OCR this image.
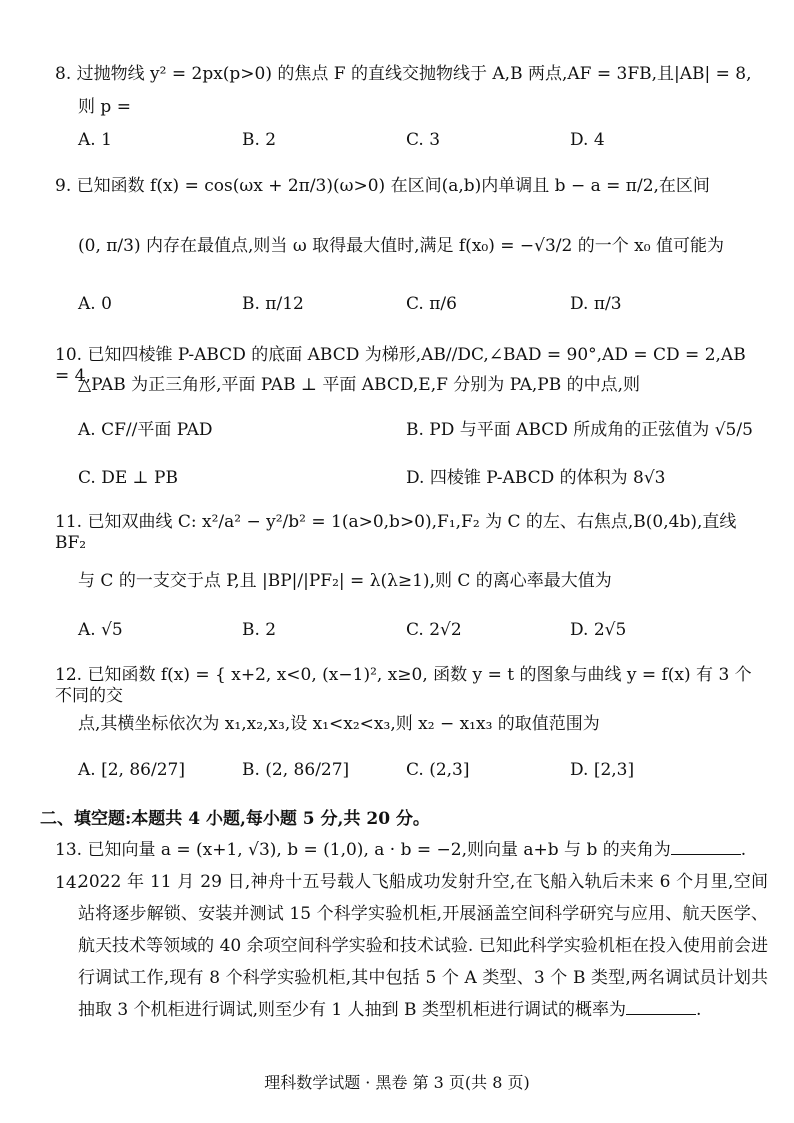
8. 过抛物线 y² = 2px(p>0) 的焦点 F 的直线交抛物线于 A,B 两点,AF = 3FB,且|AB| = 8,
则 p =
A. 1	B. 2	C. 3	D. 4
9. 已知函数 f(x) = cos(ωx + 2π/3)(ω>0) 在区间(a,b)内单调且 b − a = π/2,在区间
(0, π/3) 内存在最值点,则当 ω 取得最大值时,满足 f(x₀) = −√3/2 的一个 x₀ 值可能为
A. 0	B. π/12	C. π/6	D. π/3
10. 已知四棱锥 P-ABCD 的底面 ABCD 为梯形,AB//DC,∠BAD = 90°,AD = CD = 2,AB = 4,
△PAB 为正三角形,平面 PAB ⊥ 平面 ABCD,E,F 分别为 PA,PB 的中点,则
A. CF//平面 PAD	B. PD 与平面 ABCD 所成角的正弦值为 √5/5
C. DE ⊥ PB	D. 四棱锥 P-ABCD 的体积为 8√3
11. 已知双曲线 C: x²/a² − y²/b² = 1(a>0,b>0),F₁,F₂ 为 C 的左、右焦点,B(0,4b),直线 BF₂
与 C 的一支交于点 P,且 |BP|/|PF₂| = λ(λ≥1),则 C 的离心率最大值为
A. √5	B. 2	C. 2√2	D. 2√5
12. 已知函数 f(x) = { x+2, x<0, (x−1)², x≥0, 函数 y = t 的图象与曲线 y = f(x) 有 3 个不同的交
点,其横坐标依次为 x₁,x₂,x₃,设 x₁<x₂<x₃,则 x₂ − x₁x₃ 的取值范围为
A. [2, 86/27]	B. (2, 86/27]	C. (2,3]	D. [2,3]
二、填空题:本题共 4 小题,每小题 5 分,共 20 分。
13. 已知向量 a = (x+1, √3), b = (1,0), a · b = −2,则向量 a+b 与 b 的夹角为	.
14.
2022 年 11 月 29 日,神舟十五号载人飞船成功发射升空,在飞船入轨后未来 6 个月里,空间站将逐步解锁、安装并测试 15 个科学实验机柜,开展涵盖空间科学研究与应用、航天医学、航天技术等领域的 40 余项空间科学实验和技术试验. 已知此科学实验机柜在投入使用前会进行调试工作,现有 8 个科学实验机柜,其中包括 5 个 A 类型、3 个 B 类型,两名调试员计划共抽取 3 个机柜进行调试,则至少有 1 人抽到 B 类型机柜进行调试的概率为	.
理科数学试题 · 黑卷 第 3 页(共 8 页)
